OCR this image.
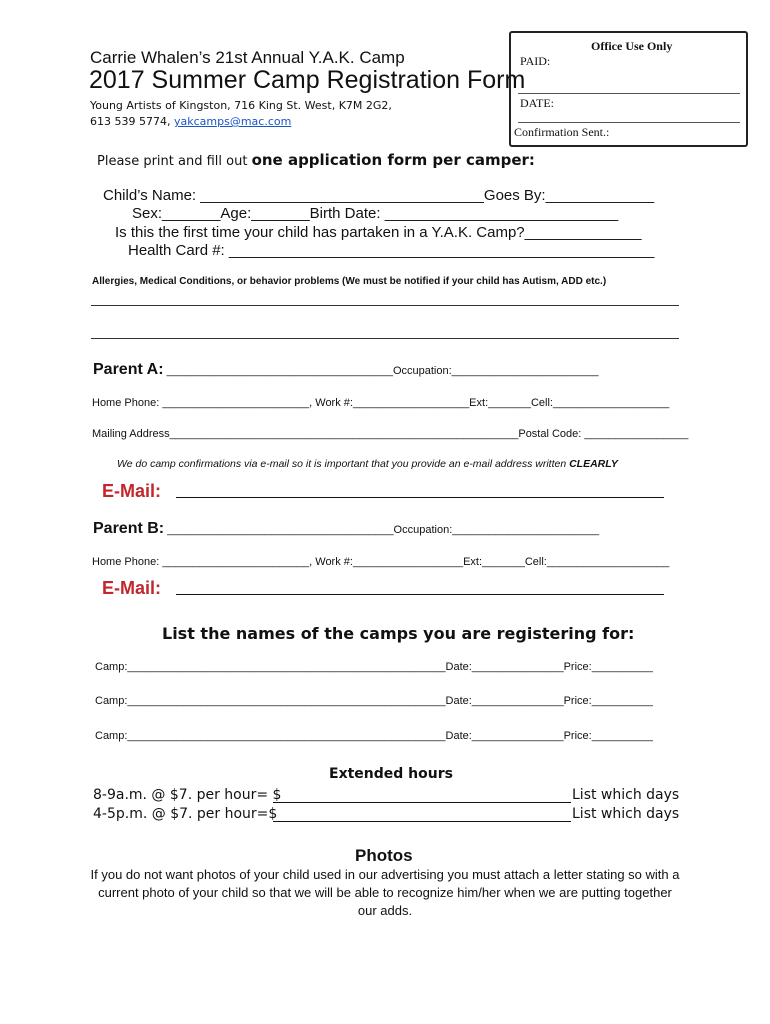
Office Use Only
PAID:
DATE:
Confirmation Sent.:
Carrie Whalen’s 21st Annual Y.A.K. Camp
2017 Summer Camp Registration Form
Young Artists of Kingston, 716 King St. West, K7M 2G2,
613 539 5774, yakcamps@mac.com
Please print and fill out one application form per camper:
Child’s Name: __________________________________Goes By:_____________
Sex:_______Age:_______Birth Date: ____________________________
Is this the first time your child has partaken in a Y.A.K. Camp?______________
Health Card #: ___________________________________________________
Allergies, Medical Conditions, or behavior problems (We must be notified if your child has Autism, ADD etc.)
Parent A: _____________________________________Occupation:________________________
Home Phone: ________________________, Work #:___________________Ext:_______Cell:___________________
Mailing Address_________________________________________________________Postal Code: _________________
We do camp confirmations via e-mail so it is important that you provide an e-mail address written CLEARLY
E-Mail:
Parent B: _____________________________________Occupation:________________________
Home Phone: ________________________, Work #:__________________Ext:_______Cell:____________________
E-Mail:
List the names of the camps you are registering for:
Camp:____________________________________________________Date:_______________Price:__________
Camp:____________________________________________________Date:_______________Price:__________
Camp:____________________________________________________Date:_______________Price:__________
Extended hours
8-9a.m. @ $7. per hour= $	List which days
4-5p.m. @ $7. per hour=$	List which days
Photos
If you do not want photos of your child used in our advertising you must attach a letter stating so with a current photo of your child so that we will be able to recognize him/her when we are putting together our adds.
